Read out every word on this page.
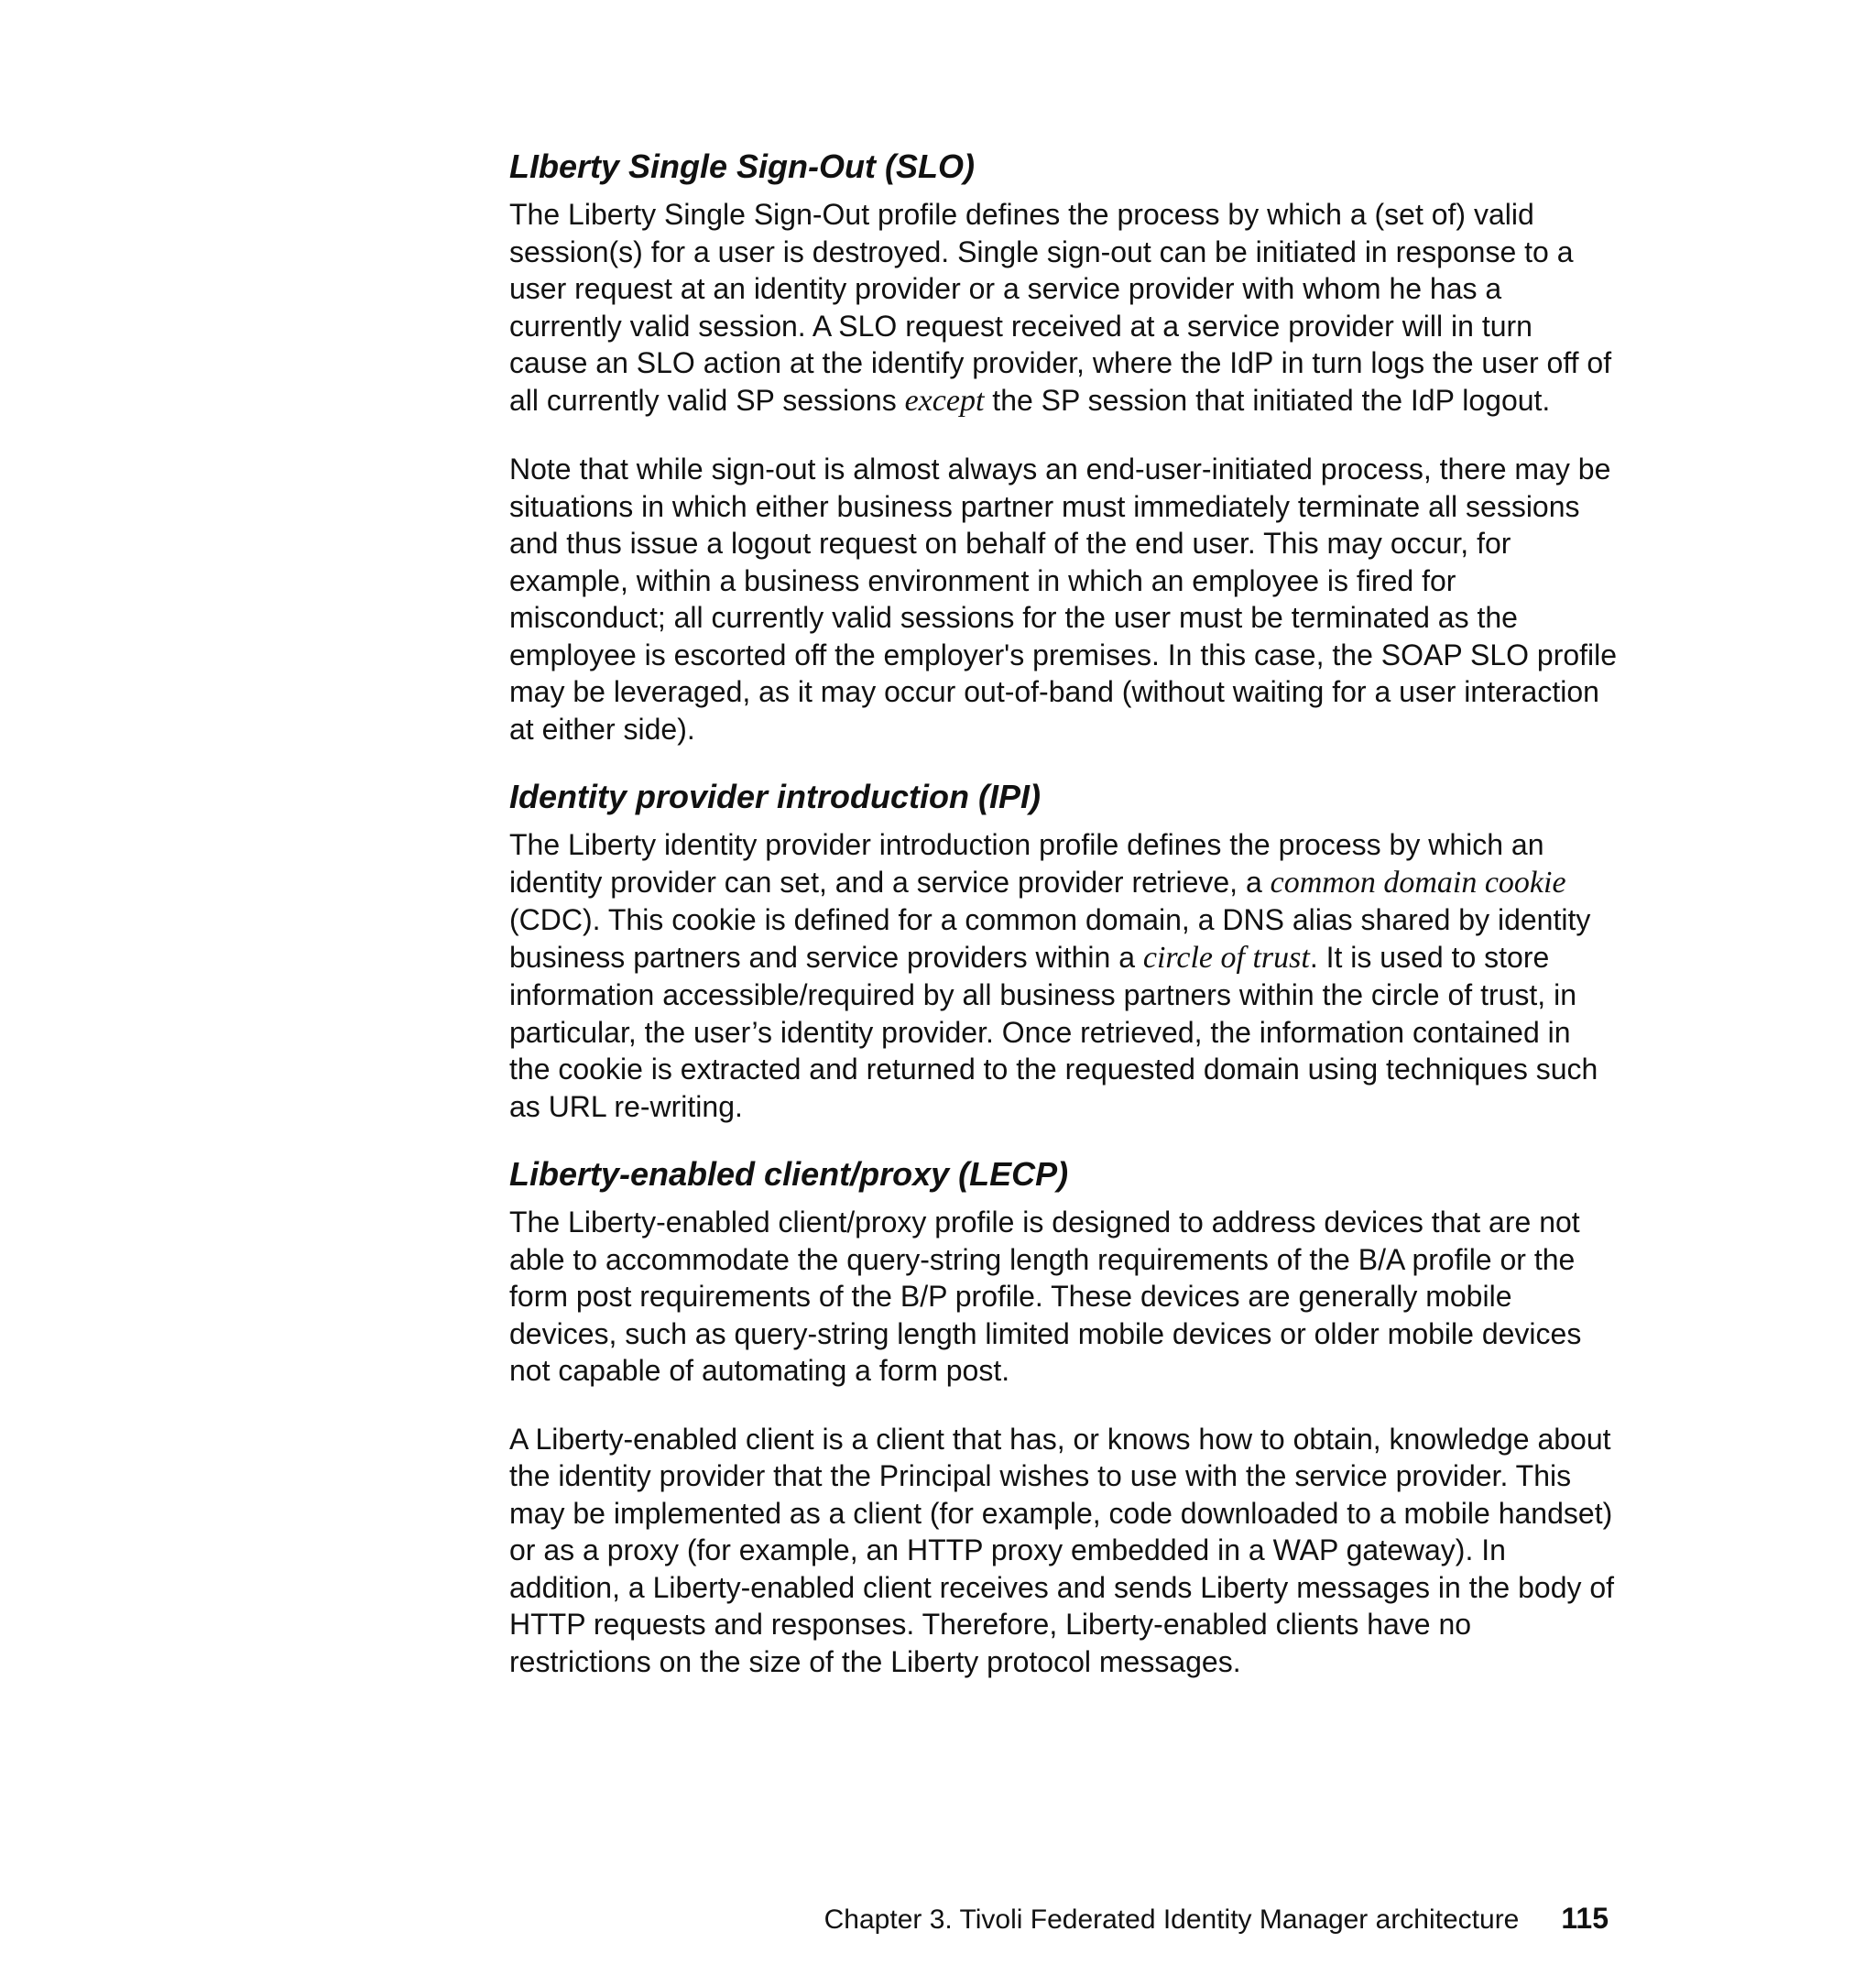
LIberty Single Sign-Out (SLO)

The Liberty Single Sign-Out profile defines the process by which a (set of) valid session(s) for a user is destroyed. Single sign-out can be initiated in response to a user request at an identity provider or a service provider with whom he has a currently valid session. A SLO request received at a service provider will in turn cause an SLO action at the identify provider, where the IdP in turn logs the user off of all currently valid SP sessions except the SP session that initiated the IdP logout.

Note that while sign-out is almost always an end-user-initiated process, there may be situations in which either business partner must immediately terminate all sessions and thus issue a logout request on behalf of the end user. This may occur, for example, within a business environment in which an employee is fired for misconduct; all currently valid sessions for the user must be terminated as the employee is escorted off the employer's premises. In this case, the SOAP SLO profile may be leveraged, as it may occur out-of-band (without waiting for a user interaction at either side).

Identity provider introduction (IPI)

The Liberty identity provider introduction profile defines the process by which an identity provider can set, and a service provider retrieve, a common domain cookie (CDC). This cookie is defined for a common domain, a DNS alias shared by identity business partners and service providers within a circle of trust. It is used to store information accessible/required by all business partners within the circle of trust, in particular, the user’s identity provider. Once retrieved, the information contained in the cookie is extracted and returned to the requested domain using techniques such as URL re-writing.

Liberty-enabled client/proxy (LECP)

The Liberty-enabled client/proxy profile is designed to address devices that are not able to accommodate the query-string length requirements of the B/A profile or the form post requirements of the B/P profile. These devices are generally mobile devices, such as query-string length limited mobile devices or older mobile devices not capable of automating a form post.

A Liberty-enabled client is a client that has, or knows how to obtain, knowledge about the identity provider that the Principal wishes to use with the service provider. This may be implemented as a client (for example, code downloaded to a mobile handset) or as a proxy (for example, an HTTP proxy embedded in a WAP gateway). In addition, a Liberty-enabled client receives and sends Liberty messages in the body of HTTP requests and responses. Therefore, Liberty-enabled clients have no restrictions on the size of the Liberty protocol messages.

Chapter 3. Tivoli Federated Identity Manager architecture 115
